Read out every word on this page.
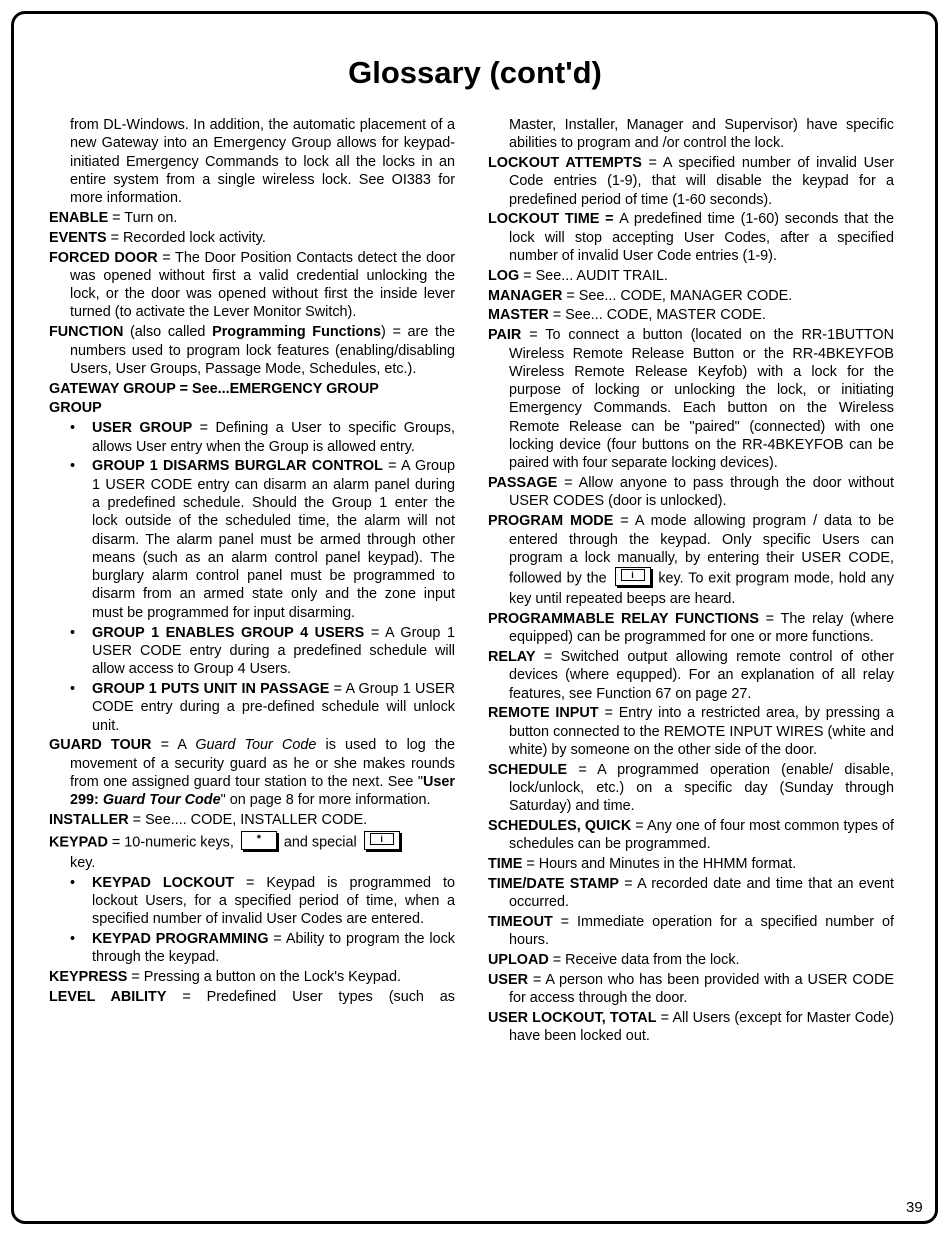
Glossary (cont'd)

from DL-Windows. In addition, the automatic placement of a new Gateway into an Emergency Group allows for keypad-initiated Emergency Commands to lock all the locks in an entire system from a single wireless lock. See OI383 for more information.

ENABLE = Turn on.

EVENTS = Recorded lock activity.

FORCED DOOR = The Door Position Contacts detect the door was opened without first a valid credential unlocking the lock, or the door was opened without first the inside lever turned (to activate the Lever Monitor Switch).

FUNCTION (also called Programming Functions) = are the numbers used to program lock features (enabling/disabling Users, User Groups, Passage Mode, Schedules, etc.).

GATEWAY GROUP = See...EMERGENCY GROUP

GROUP

• USER GROUP = Defining a User to specific Groups, allows User entry when the Group is allowed entry.
• GROUP 1 DISARMS BURGLAR CONTROL = A Group 1 USER CODE entry can disarm an alarm panel during a predefined schedule. Should the Group 1 enter the lock outside of the scheduled time, the alarm will not disarm. The alarm panel must be armed through other means (such as an alarm control panel keypad). The burglary alarm control panel must be programmed to disarm from an armed state only and the zone input must be programmed for input disarming.
• GROUP 1 ENABLES GROUP 4 USERS = A Group 1 USER CODE entry during a predefined schedule will allow access to Group 4 Users.
• GROUP 1 PUTS UNIT IN PASSAGE = A Group 1 USER CODE entry during a pre-defined schedule will unlock unit.

GUARD TOUR = A Guard Tour Code is used to log the movement of a security guard as he or she makes rounds from one assigned guard tour station to the next. See "User 299: Guard Tour Code" on page 8 for more information.

INSTALLER = See.... CODE, INSTALLER CODE.

KEYPAD = 10-numeric keys, * and special i
key.

• KEYPAD LOCKOUT = Keypad is programmed to lockout Users, for a specified period of time, when a specified number of invalid User Codes are entered.
• KEYPAD PROGRAMMING = Ability to program the lock through the keypad.

KEYPRESS = Pressing a button on the Lock's Keypad.

LEVEL ABILITY = Predefined User types (such as

Master, Installer, Manager and Supervisor) have specific abilities to program and /or control the lock.

LOCKOUT ATTEMPTS = A specified number of invalid User Code entries (1-9), that will disable the keypad for a predefined period of time (1-60 seconds).

LOCKOUT TIME = A predefined time (1-60) seconds that the lock will stop accepting User Codes, after a specified number of invalid User Code entries (1-9).

LOG = See... AUDIT TRAIL.

MANAGER = See... CODE, MANAGER CODE.

MASTER = See... CODE, MASTER CODE.

PAIR = To connect a button (located on the RR-1BUTTON Wireless Remote Release Button or the RR-4BKEYFOB Wireless Remote Release Keyfob) with a lock for the purpose of locking or unlocking the lock, or initiating Emergency Commands. Each button on the Wireless Remote Release can be "paired" (connected) with one locking device (four buttons on the RR-4BKEYFOB can be paired with four separate locking devices).

PASSAGE = Allow anyone to pass through the door without USER CODES (door is unlocked).

PROGRAM MODE = A mode allowing program / data to be entered through the keypad. Only specific Users can program a lock manually, by entering their USER CODE, followed by the i key. To exit program mode, hold any key until repeated beeps are heard.

PROGRAMMABLE RELAY FUNCTIONS = The relay (where equipped) can be programmed for one or more functions.

RELAY = Switched output allowing remote control of other devices (where equpped). For an explanation of all relay features, see Function 67 on page 27.

REMOTE INPUT = Entry into a restricted area, by pressing a button connected to the REMOTE INPUT WIRES (white and white) by someone on the other side of the door.

SCHEDULE = A programmed operation (enable/ disable, lock/unlock, etc.) on a specific day (Sunday through Saturday) and time.

SCHEDULES, QUICK = Any one of four most common types of schedules can be programmed.

TIME = Hours and Minutes in the HHMM format.

TIME/DATE STAMP = A recorded date and time that an event occurred.

TIMEOUT = Immediate operation for a specified number of hours.

UPLOAD = Receive data from the lock.

USER = A person who has been provided with a USER CODE for access through the door.

USER LOCKOUT, TOTAL = All Users (except for Master Code) have been locked out.

39
